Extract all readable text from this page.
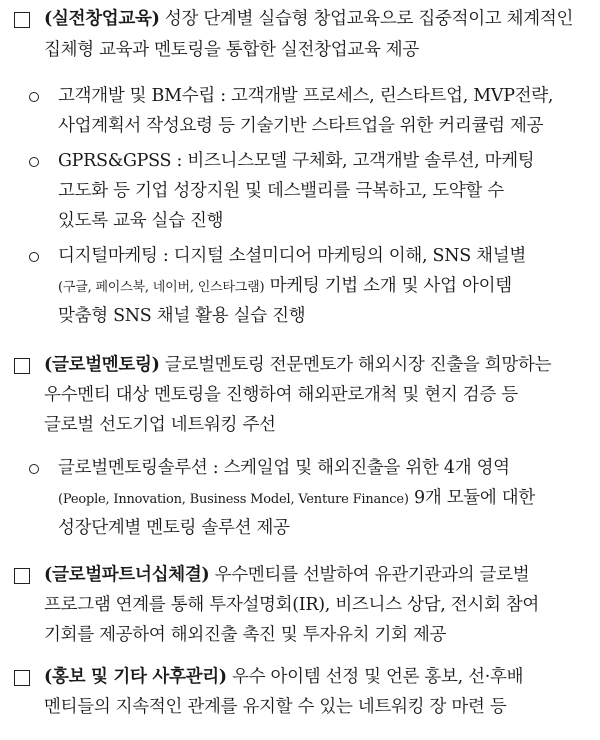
(실전창업교육) 성장 단계별 실습형 창업교육으로 집중적이고 체계적인
집체형 교육과 멘토링을 통합한 실전창업교육 제공
고객개발 및 BM수립 : 고객개발 프로세스, 린스타트업, MVP전략,
사업계획서 작성요령 등 기술기반 스타트업을 위한 커리큘럼 제공
GPRS&GPSS : 비즈니스모델 구체화, 고객개발 솔루션, 마케팅
고도화 등 기업 성장지원 및 데스밸리를 극복하고, 도약할 수
있도록 교육 실습 진행
디지털마케팅 : 디지털 소셜미디어 마케팅의 이해, SNS 채널별
(구글, 페이스북, 네이버, 인스타그램) 마케팅 기법 소개 및 사업 아이템
맞춤형 SNS 채널 활용 실습 진행
(글로벌멘토링) 글로벌멘토링 전문멘토가 해외시장 진출을 희망하는
우수멘티 대상 멘토링을 진행하여 해외판로개척 및 현지 검증 등
글로벌 선도기업 네트워킹 주선
글로벌멘토링솔루션 : 스케일업 및 해외진출을 위한 4개 영역
(People, Innovation, Business Model, Venture Finance) 9개 모듈에 대한
성장단계별 멘토링 솔루션 제공
(글로벌파트너십체결) 우수멘티를 선발하여 유관기관과의 글로벌
프로그램 연계를 통해 투자설명회(IR), 비즈니스 상담, 전시회 참여
기회를 제공하여 해외진출 촉진 및 투자유치 기회 제공
(홍보 및 기타 사후관리) 우수 아이템 선정 및 언론 홍보, 선·후배
멘티들의 지속적인 관계를 유지할 수 있는 네트워킹 장 마련 등
